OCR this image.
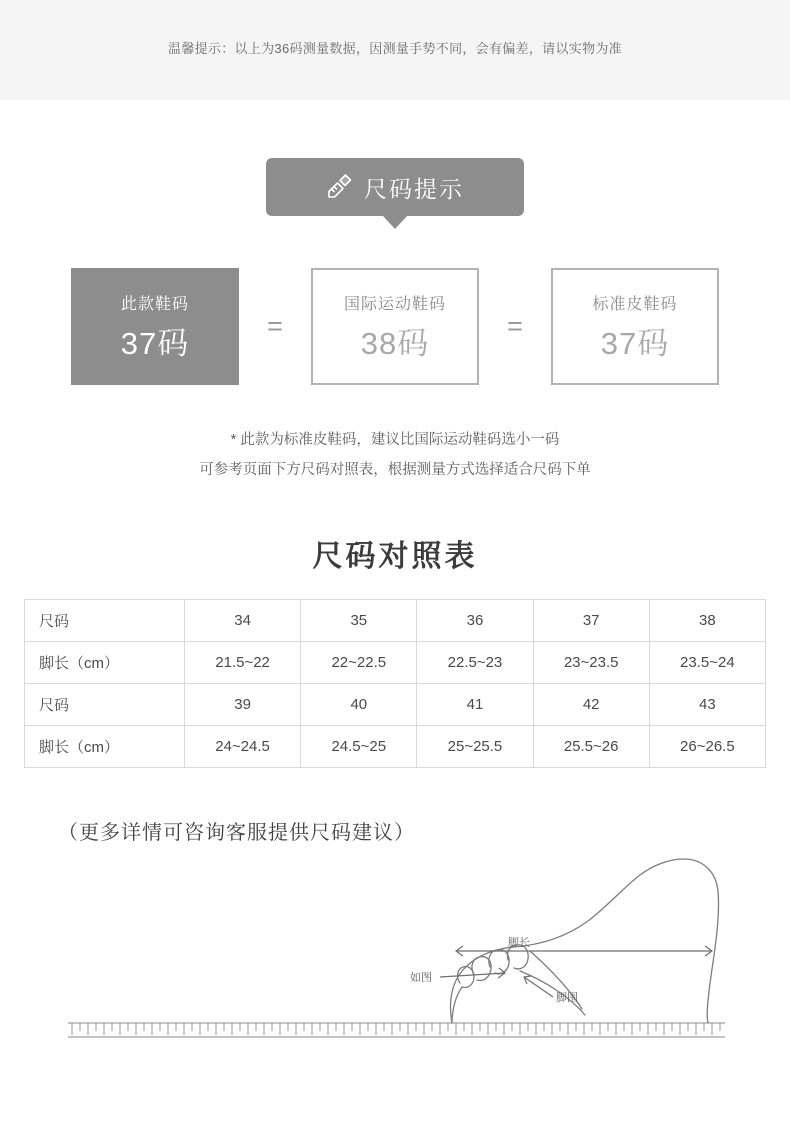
温馨提示：以上为36码测量数据，因测量手势不同，会有偏差，请以实物为准
尺码提示
此款鞋码
37码	=
国际运动鞋码
38码	=
标准皮鞋码
37码
* 此款为标准皮鞋码，建议比国际运动鞋码选小一码
可参考页面下方尺码对照表，根据测量方式选择适合尺码下单
尺码对照表
尺码	34	35	36	37	38
脚长（cm）	21.5~22	22~22.5	22.5~23	23~23.5	23.5~24
尺码	39	40	41	42	43
脚长（cm）	24~24.5	24.5~25	25~25.5	25.5~26	26~26.5
（更多详情可咨询客服提供尺码建议）
脚长
如图
脚围
